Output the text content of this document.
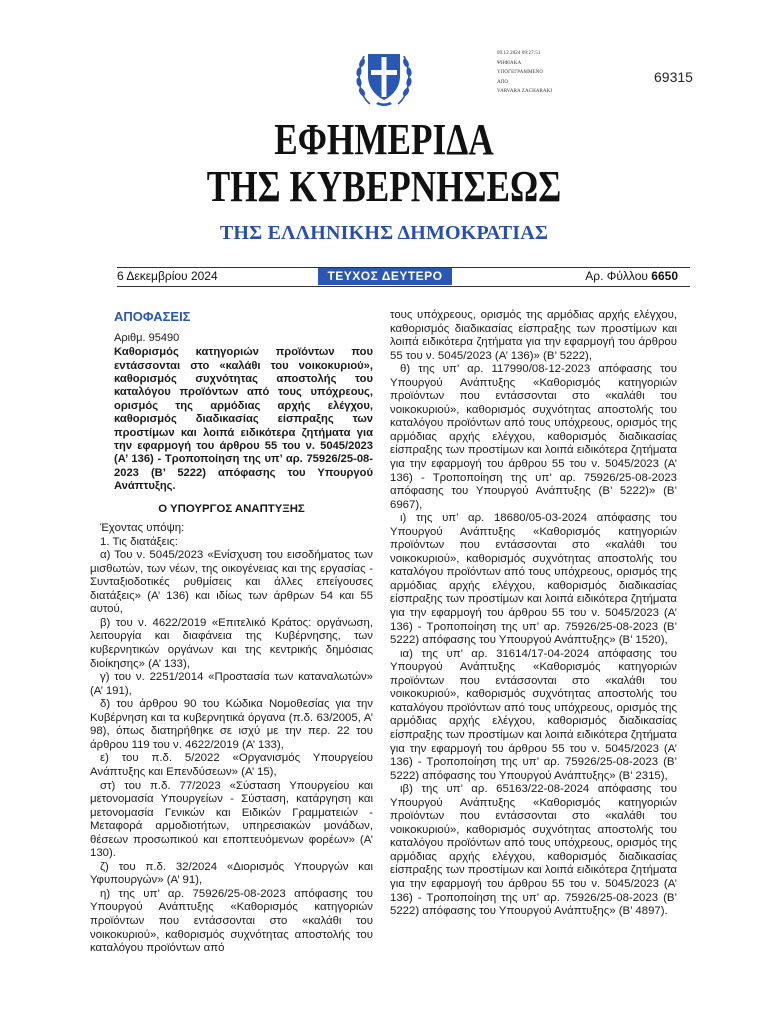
09.12.2024 09:27:51
ΨΗΦΙΑΚΑ
ΥΠΟΓΕΓΡΑΜΜΕΝΟ
ΑΠΟ
VARVARA ZACHARAKI
69315
ΕΦΗΜΕΡΙΔΑ
ΤΗΣ ΚΥΒΕΡΝΗΣΕΩΣ
ΤΗΣ ΕΛΛΗΝΙΚΗΣ ΔΗΜΟΚΡΑΤΙΑΣ
6 Δεκεμβρίου 2024	ΤΕΥΧΟΣ ΔΕΥΤΕΡΟ	Αρ. Φύλλου 6650

ΑΠΟΦΑΣΕΙΣ

Αριθμ. 95490

Καθορισμός κατηγοριών προϊόντων που εντάσσονται στο «καλάθι του νοικοκυριού», καθορισμός συχνότητας αποστολής του καταλόγου προϊόντων από τους υπόχρεους, ορισμός της αρμόδιας αρχής ελέγχου, καθορισμός διαδικασίας είσπραξης των προστίμων και λοιπά ειδικότερα ζητήματα για την εφαρμογή του άρθρου 55 του ν. 5045/2023 (Α’ 136) - Τροποποίηση της υπ’ αρ. 75926/25-08-2023 (Β’ 5222) απόφασης του Υπουργού Ανάπτυξης.

Ο ΥΠΟΥΡΓΟΣ ΑΝΑΠΤΥΞΗΣ

Έχοντας υπόψη:

1. Τις διατάξεις:

α) Του ν. 5045/2023 «Ενίσχυση του εισοδήματος των μισθωτών, των νέων, της οικογένειας και της εργασίας - Συνταξιοδοτικές ρυθμίσεις και άλλες επείγουσες διατάξεις» (Α’ 136) και ιδίως των άρθρων 54 και 55 αυτού,

β) του ν. 4622/2019 «Επιτελικό Κράτος: οργάνωση, λειτουργία και διαφάνεια της Κυβέρνησης, των κυβερνητικών οργάνων και της κεντρικής δημόσιας διοίκησης» (Α’ 133),

γ) του ν. 2251/2014 «Προστασία των καταναλωτών» (Α’ 191),

δ) του άρθρου 90 του Κώδικα Νομοθεσίας για την Κυβέρνηση και τα κυβερνητικά όργανα (π.δ. 63/2005, Α’ 98), όπως διατηρήθηκε σε ισχύ με την περ. 22 του άρθρου 119 του ν. 4622/2019 (Α’ 133),

ε) του π.δ. 5/2022 «Οργανισμός Υπουργείου Ανάπτυξης και Επενδύσεων» (Α’ 15),

στ) του π.δ. 77/2023 «Σύσταση Υπουργείου και μετονομασία Υπουργείων - Σύσταση, κατάργηση και μετονομασία Γενικών και Ειδικών Γραμματειών - Μεταφορά αρμοδιοτήτων, υπηρεσιακών μονάδων, θέσεων προσωπικού και εποπτευόμενων φορέων» (Α’ 130).

ζ) του π.δ. 32/2024 «Διορισμός Υπουργών και Υφυπουργών» (Α’ 91),

η) της υπ’ αρ. 75926/25-08-2023 απόφασης του Υπουργού Ανάπτυξης «Καθορισμός κατηγοριών προϊόντων που εντάσσονται στο «καλάθι του νοικοκυριού», καθορισμός συχνότητας αποστολής του καταλόγου προϊόντων από

τους υπόχρεους, ορισμός της αρμόδιας αρχής ελέγχου, καθορισμός διαδικασίας είσπραξης των προστίμων και λοιπά ειδικότερα ζητήματα για την εφαρμογή του άρθρου 55 του ν. 5045/2023 (Α’ 136)» (Β’ 5222),

θ) της υπ’ αρ. 117990/08-12-2023 απόφασης του Υπουργού Ανάπτυξης «Καθορισμός κατηγοριών προϊόντων που εντάσσονται στο «καλάθι του νοικοκυριού», καθορισμός συχνότητας αποστολής του καταλόγου προϊόντων από τους υπόχρεους, ορισμός της αρμόδιας αρχής ελέγχου, καθορισμός διαδικασίας είσπραξης των προστίμων και λοιπά ειδικότερα ζητήματα για την εφαρμογή του άρθρου 55 του ν. 5045/2023 (Α’ 136) - Τροποποίηση της υπ’ αρ. 75926/25-08-2023 απόφασης του Υπουργού Ανάπτυξης (Β’ 5222)» (Β’ 6967),

ι) της υπ’ αρ. 18680/05-03-2024 απόφασης του Υπουργού Ανάπτυξης «Καθορισμός κατηγοριών προϊόντων που εντάσσονται στο «καλάθι του νοικοκυριού», καθορισμός συχνότητας αποστολής του καταλόγου προϊόντων από τους υπόχρεους, ορισμός της αρμόδιας αρχής ελέγχου, καθορισμός διαδικασίας είσπραξης των προστίμων και λοιπά ειδικότερα ζητήματα για την εφαρμογή του άρθρου 55 του ν. 5045/2023 (Α’ 136) - Τροποποίηση της υπ’ αρ. 75926/25-08-2023 (Β’ 5222) απόφασης του Υπουργού Ανάπτυξης» (Β’ 1520),

ια) της υπ’ αρ. 31614/17-04-2024 απόφασης του Υπουργού Ανάπτυξης «Καθορισμός κατηγοριών προϊόντων που εντάσσονται στο «καλάθι του νοικοκυριού», καθορισμός συχνότητας αποστολής του καταλόγου προϊόντων από τους υπόχρεους, ορισμός της αρμόδιας αρχής ελέγχου, καθορισμός διαδικασίας είσπραξης των προστίμων και λοιπά ειδικότερα ζητήματα για την εφαρμογή του άρθρου 55 του ν. 5045/2023 (Α’ 136) - Τροποποίηση της υπ’ αρ. 75926/25-08-2023 (Β’ 5222) απόφασης του Υπουργού Ανάπτυξης» (Β’ 2315),

ιβ) της υπ’ αρ. 65163/22-08-2024 απόφασης του Υπουργού Ανάπτυξης «Καθορισμός κατηγοριών προϊόντων που εντάσσονται στο «καλάθι του νοικοκυριού», καθορισμός συχνότητας αποστολής του καταλόγου προϊόντων από τους υπόχρεους, ορισμός της αρμόδιας αρχής ελέγχου, καθορισμός διαδικασίας είσπραξης των προστίμων και λοιπά ειδικότερα ζητήματα για την εφαρμογή του άρθρου 55 του ν. 5045/2023 (Α’ 136) - Τροποποίηση της υπ’ αρ. 75926/25-08-2023 (Β’ 5222) απόφασης του Υπουργού Ανάπτυξης» (Β’ 4897).
